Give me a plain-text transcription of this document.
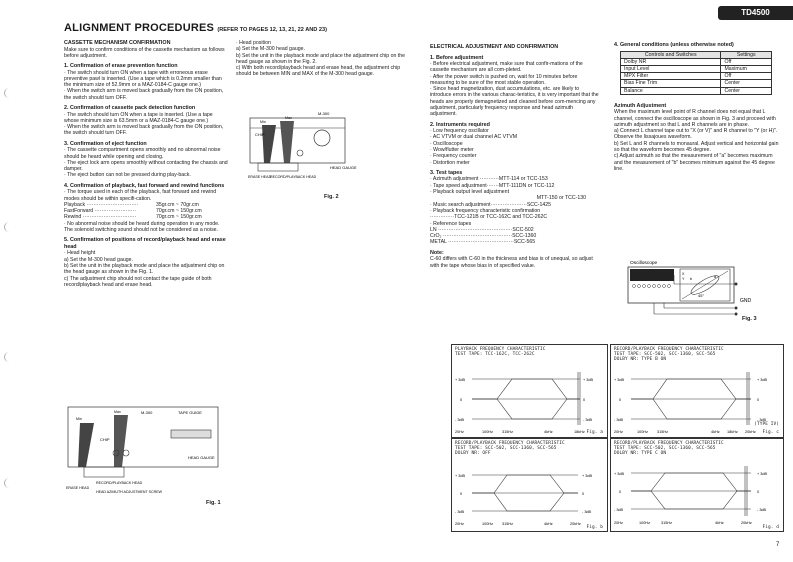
TD4500
ALIGNMENT PROCEDURES (REFER TO PAGES 12, 13, 21, 22 AND 23)

CASSETTE MECHANISM CONFIRMATION

Make sure to confirm conditions of the cassette mechanism as follows before adjustment.

1. Confirmation of erase prevention function

· The switch should turn ON when a tape with erroneous erase preventive pawl is inserted. (Use a tape which is 0.2mm smaller than the minimum size of 52.9mm or a MAZ-0184-C gauge one.)
· When the switch arm is moved back gradually from the ON position, the switch should turn OFF.

2. Confirmation of cassette pack detection function

· The switch should turn ON when a tape is inserted. (Use a tape whose minimum size is 63.5mm or a MAZ-0184-C gauge one.)
· When the switch arm is moved back gradually from the ON position, the switch should turn OFF.

3. Confirmation of eject function

· The cassette compartment opens smoothly and no abnormal noise should be heard while opening and closing.
· The eject lock arm opens smoothly without contacting the chassis and damper.
· The eject button can not be pressed during play-back.

4. Confirmation of playback, fast forward and rewind functions

· The torque used in each of the playback, fast forward and rewind modes should be within specifi-cation.

Playback ······························	35gr.cm ~ 70gr.cm
FastForward ························	70gr.cm ~ 150gr.cm
Rewind ·······························	70gr.cm ~ 150gr.cm

· No abnormal noise should be heard during operation in any mode. The solenoid switching sound should not be considered as a noise.

5. Confirmation of positions of record/playback head and erase head

· Head height
a) Set the M-300 head gauge.
b) Set the unit in the playback mode and place the adjustment chip on the head gauge as shown in the Fig. 1.
c) The adjustment chip should not contact the tape guide of both record/playback head and erase head.

· Head position
a) Set the M-300 head gauge.
b) Set the unit in the playback mode and place the adjustment chip on the head gauge as shown in the Fig. 2.
c) With both record/playback head and erase head, the adjustment chip should be between MIN and MAX of the M-300 head gauge.

M-300
CHIP
HEAD GAUGE
ERASE HEAD
RECORD/PLAYBACK HEAD
Min
Max
Fig. 2
M-300	TAPE GUIDE
CHIP
HEAD GAUGE
ERASE HEAD
RECORD/PLAYBACK HEAD
HEAD AZIMUTH ADJUSTMENT SCREW
Min
Max
Fig. 1

ELECTRICAL ADJUSTMENT AND CONFIRMATION

1. Before adjustment

· Before electrical adjustment, make sure that confir-mations of the cassette mechanism are all com-pleted.
· After the power switch is pushed on, wait for 10 minutes before measuring to be sure of the most stable operation.
· Since head magnetization, dust accumulations, etc. are likely to introduce errors in the various charac-teristics, it is very important that the heads are properly demagnetized and cleaned before com-mencing any adjustment, particularly frequency response and head azimuth adjustment.

2. Instruments required

· Low frequency oscillator
· AC VTVM or dual channel AC VTVM
· Oscilloscope
· Wow/flutter meter
· Frequency counter
· Distortion meter

3. Test tapes

· Azimuth adjustment ··········· MTT-114 or TCC-153
· Tape speed adjustment······· MTT-111DN or TCC-112
· Playback output level adjustment
MTT-150 or TCC-130
· Music search adjustment····················· SCC-1425
· Playback frequency characteristic confirmation
··············TCC-121B or TCC-162C and TCC-262C
· Reference tapes
LN ··········································· SCC-502
CrO₂ ········································ SCC-1360
METAL ······································ SCC-565

Note:

C-60 differs with C-60 in the thickness and bias is of unequal, so adjust with the tape whose bias in of specified value.

4. General conditions (unless otherwise noted)

Controls and Switches	Settings
Dolby NR	Off
Input Level	Maximum
MPX Filter	Off
Bias Fine Trim	Center
Balance	Center

Azimuth Adjustment

When the maximum level point of R channel does not equal that L channel, connect the oscilloscope as shown in Fig. 3 and proceed with azimuth adjustment so that L and R channels are in phase.
a) Connect L channel tape out to "X (or V)" and R channel to "Y (or H)". Observe the lissajoues waveform.
b) Set L and R channels to monaural. Adjust vertical and horizontal gain so that the waveform becomes 45 degree.
c) Adjust azimuth so that the measurement of "a" becomes maximum and the measurement of "b" becomes minimum against the 45 degree line.

Oscilloscope
45°
a
b
X
Y
GND
Fig. 3
PLAYBACK FREQUENCY CHARACTERISTIC
TEST TAPE: TCC-162C, TCC-262C
+ 3dB
0
- 3dB
+ 3dB
0
- 3dB
20Hz	100Hz 315Hz	4kHz	18kHz Fig. a
RECORD/PLAYBACK FREQUENCY CHARACTERISTIC
TEST TAPE: SCC-502, SCC-1360, SCC-565
DOLBY NR: TYPE B ON
+ 3dB
0
- 3dB
+ 3dB
0
- 3dB
20Hz	100Hz 315Hz	4kHz 18kHz 20kHz
(TYPE IV)
Fig. c
RECORD/PLAYBACK FREQUENCY CHARACTERISTIC
TEST TAPE: SCC-502, SCC-1360, SCC-565
DOLBY NR: OFF
+ 3dB
0
- 3dB
+ 3dB
0
- 3dB
20Hz	100Hz 315Hz	4kHz	20kHz
Fig. b
RECORD/PLAYBACK FREQUENCY CHARACTERISTIC
TEST TAPE: SCC-502, SCC-1360, SCC-565
DOLBY NR: TYPE C ON
+ 3dB
0
- 3dB
+ 3dB
0
- 3dB
20Hz	100Hz	315Hz	4kHz	20kHz
Fig. d
7
